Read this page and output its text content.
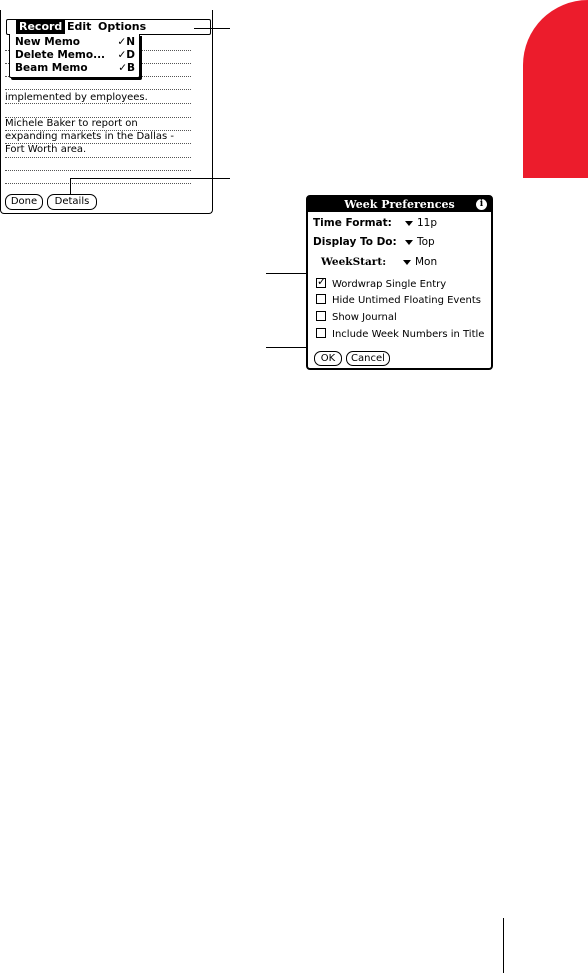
implemented by employees.
Michele Baker to report on
expanding markets in the Dallas -
Fort Worth area.
Done	Details
Record Edit Options
New Memo	✓N
Delete Memo... ✓D
Beam Memo	✓B
Week Preferences	i
Time Format:	11p
Display To Do:	Top
WeekStart:	Mon
✓Wordwrap Single Entry
Hide Untimed Floating Events
Show Journal
Include Week Numbers in Title
OK	Cancel
